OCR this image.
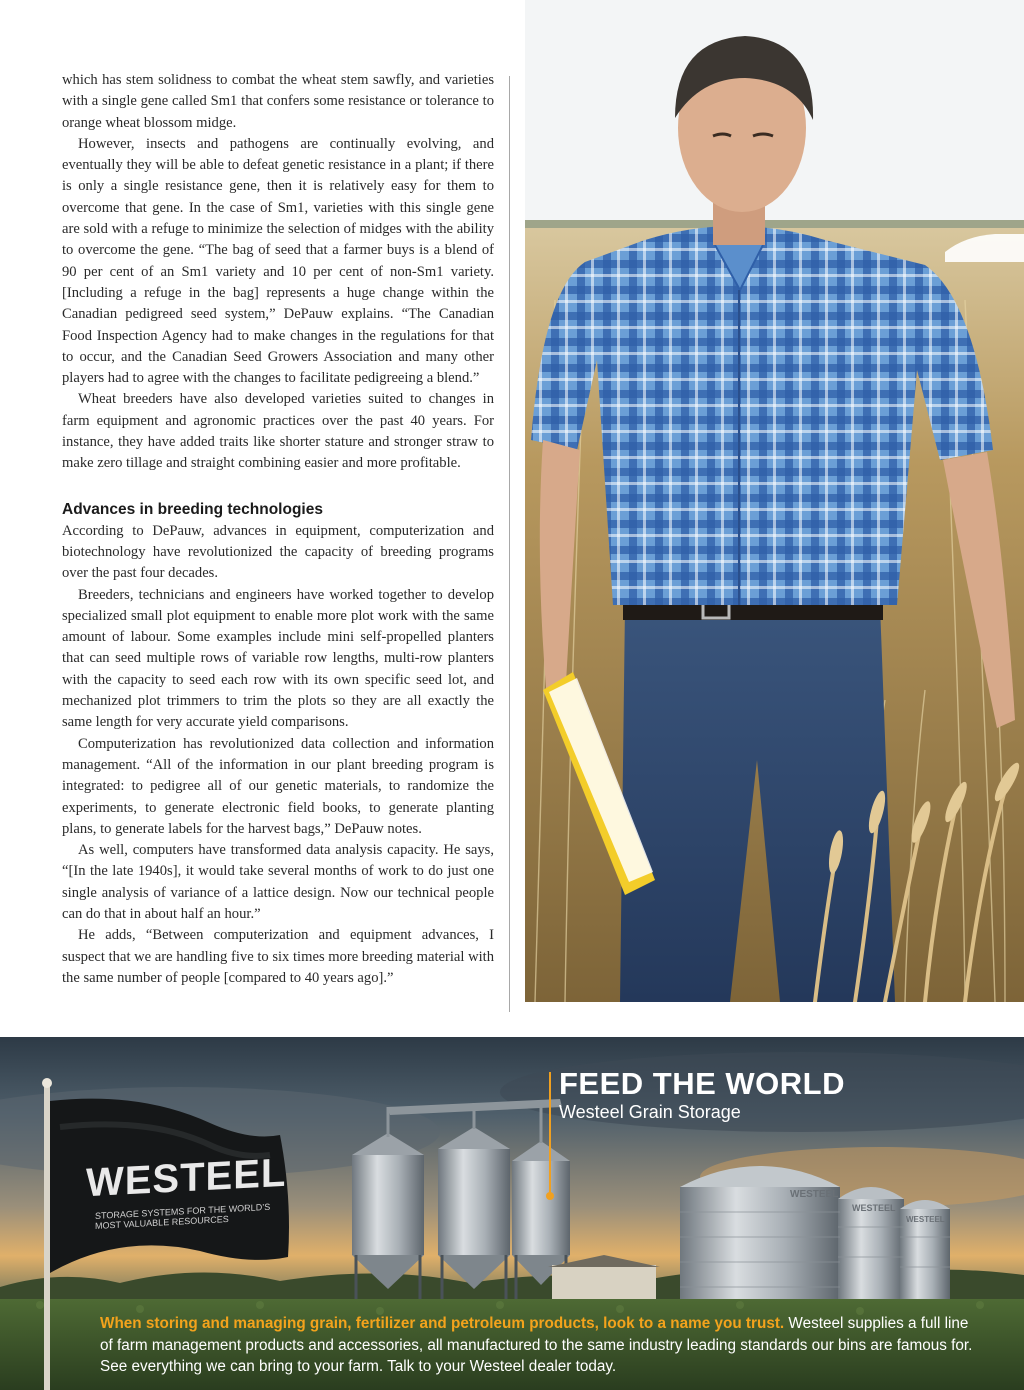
which has stem solidness to combat the wheat stem sawfly, and varieties with a single gene called Sm1 that confers some resistance or tolerance to orange wheat blossom midge.

However, insects and pathogens are continually evolving, and eventually they will be able to defeat genetic resistance in a plant; if there is only a single resistance gene, then it is relatively easy for them to overcome that gene. In the case of Sm1, varieties with this single gene are sold with a refuge to minimize the selection of midges with the ability to overcome the gene. “The bag of seed that a farmer buys is a blend of 90 per cent of an Sm1 variety and 10 per cent of non-Sm1 variety. [Including a refuge in the bag] represents a huge change within the Canadian pedigreed seed system,” DePauw explains. “The Canadian Food Inspection Agency had to make changes in the regulations for that to occur, and the Canadian Seed Growers Association and many other players had to agree with the changes to facilitate pedigreeing a blend.”

Wheat breeders have also developed varieties suited to changes in farm equipment and agronomic practices over the past 40 years. For instance, they have added traits like shorter stature and stronger straw to make zero tillage and straight combining easier and more profitable.

Advances in breeding technologies

According to DePauw, advances in equipment, computerization and biotechnology have revolutionized the capacity of breeding programs over the past four decades.

Breeders, technicians and engineers have worked together to develop specialized small plot equipment to enable more plot work with the same amount of labour. Some examples include mini self-propelled planters that can seed multiple rows of variable row lengths, multi-row planters with the capacity to seed each row with its own specific seed lot, and mechanized plot trimmers to trim the plots so they are all exactly the same length for very accurate yield comparisons.

Computerization has revolutionized data collection and information management. “All of the information in our plant breeding program is integrated: to pedigree all of our genetic materials, to randomize the experiments, to generate electronic field books, to generate planting plans, to generate labels for the harvest bags,” DePauw notes.

As well, computers have transformed data analysis capacity. He says, “[In the late 1940s], it would take several months of work to do just one single analysis of variance of a lattice design. Now our technical people can do that in about half an hour.”

He adds, “Between computerization and equipment advances, I suspect that we are handling five to six times more breeding material with the same number of people [compared to 40 years ago].”

WESTEEL
WESTEEL
WESTEEL
FEED THE WORLD

Westeel Grain Storage

WESTEEL
STORAGE SYSTEMS FOR THE WORLD’S MOST VALUABLE RESOURCES

When storing and managing grain, fertilizer and petroleum products, look to a name you trust. Westeel supplies a full line of farm management products and accessories, all manufactured to the same industry leading standards our bins are famous for. See everything we can bring to your farm. Talk to your Westeel dealer today.
